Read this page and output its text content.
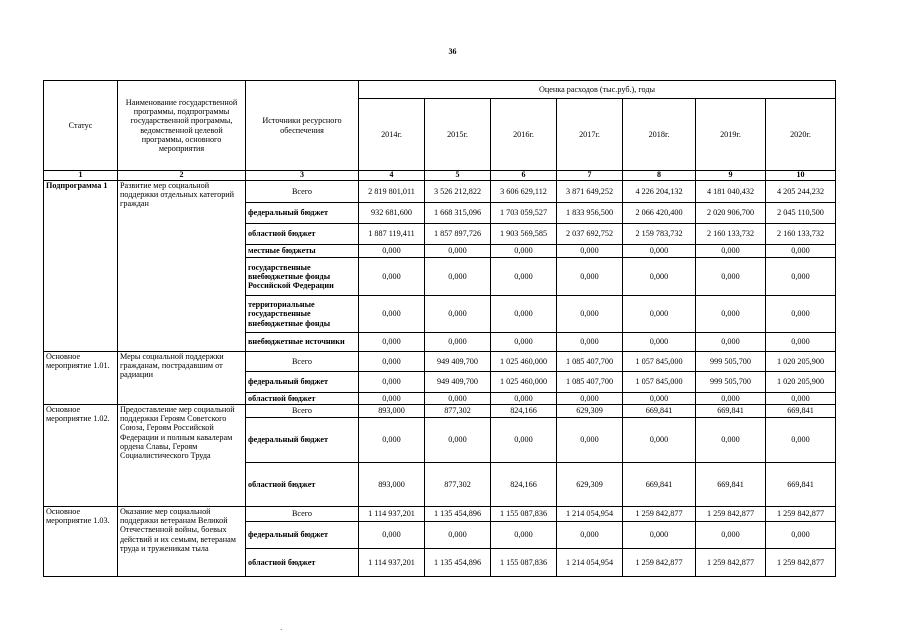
36
Статус	Наименование государственной программы, подпрограммы государственной программы, ведомственной целевой программы, основного мероприятия	Источники ресурсного обеспечения	Оценка расходов (тыс.руб.), годы						
			2014г.	2015г.	2016г.	2017г.	2018г.	2019г.	2020г.
1	2	3	4	5	6	7	8	9	10
Подпрограмма 1	Развитие мер социальной поддержки отдельных категорий граждан	Всего	2 819 801,011	3 526 212,822	3 606 629,112	3 871 649,252	4 226 204,132	4 181 040,432	4 205 244,232
		федеральный бюджет	932 681,600	1 668 315,096	1 703 059,527	1 833 956,500	2 066 420,400	2 020 906,700	2 045 110,500
		областной бюджет	1 887 119,411	1 857 897,726	1 903 569,585	2 037 692,752	2 159 783,732	2 160 133,732	2 160 133,732
		местные бюджеты	0,000	0,000	0,000	0,000	0,000	0,000	0,000
		государственные внебюджетные фонды Российской Федерации	0,000	0,000	0,000	0,000	0,000	0,000	0,000
		территориальные государственные внебюджетные фонды	0,000	0,000	0,000	0,000	0,000	0,000	0,000
		внебюджетные источники	0,000	0,000	0,000	0,000	0,000	0,000	0,000
Основное мероприятие 1.01.	Меры социальной поддержки гражданам, пострадавшим от радиации	Всего	0,000	949 409,700	1 025 460,000	1 085 407,700	1 057 845,000	999 505,700	1 020 205,900
		федеральный бюджет	0,000	949 409,700	1 025 460,000	1 085 407,700	1 057 845,000	999 505,700	1 020 205,900
		областной бюджет	0,000	0,000	0,000	0,000	0,000	0,000	0,000
Основное мероприятие 1.02.	Предоставление мер социальной поддержки Героям Советского Союза, Героям Российской Федерации и полным кавалерам ордена Славы, Героям Социалистического Труда	Всего	893,000	877,302	824,166	629,309	669,841	669,841	669,841
		федеральный бюджет	0,000	0,000	0,000	0,000	0,000	0,000	0,000
		областной бюджет	893,000	877,302	824,166	629,309	669,841	669,841	669,841
Основное мероприятие 1.03.	Оказание мер социальной поддержки ветеранам Великой Отечественной войны, боевых действий и их семьям, ветеранам труда и труженикам тыла	Всего	1 114 937,201	1 135 454,896	1 155 087,836	1 214 054,954	1 259 842,877	1 259 842,877	1 259 842,877
		федеральный бюджет	0,000	0,000	0,000	0,000	0,000	0,000	0,000
		областной бюджет	1 114 937,201	1 135 454,896	1 155 087,836	1 214 054,954	1 259 842,877	1 259 842,877	1 259 842,877
·
